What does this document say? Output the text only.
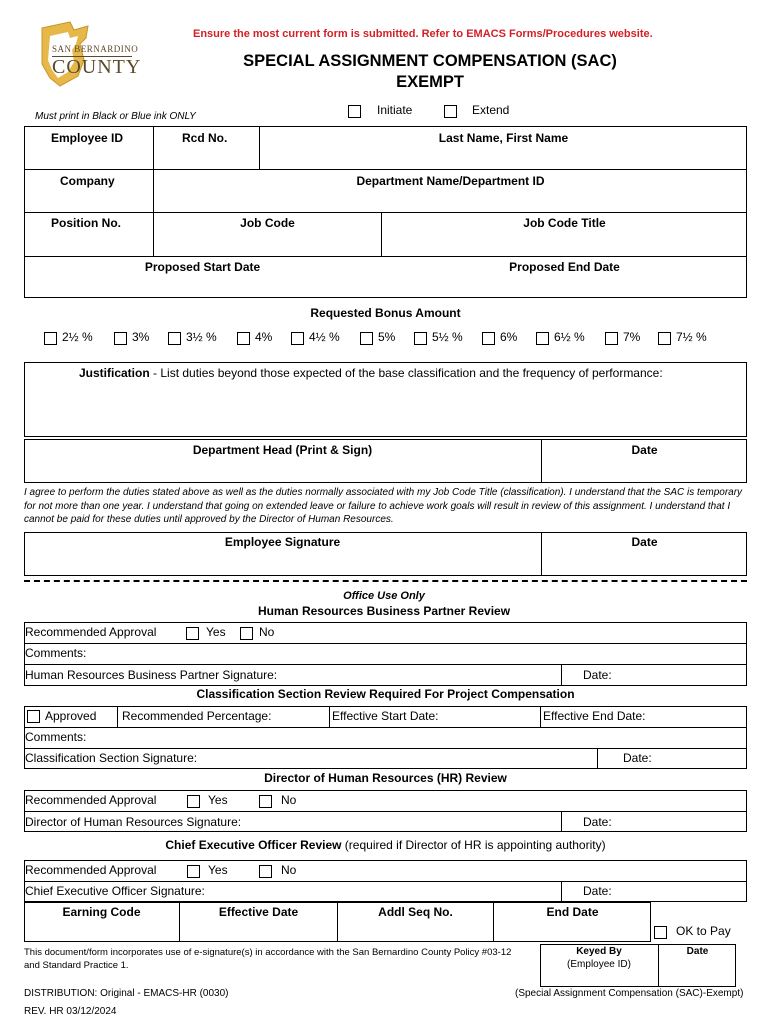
SAN BERNARDINO
COUNTY
Ensure the most current form is submitted. Refer to EMACS Forms/Procedures website.
SPECIAL ASSIGNMENT COMPENSATION (SAC)
EXEMPT
Must print in Black or Blue ink ONLY	Initiate	Extend
Employee ID	Rcd No.	Last Name, First Name
Company	Department Name/Department ID
Position No.	Job Code	Job Code Title
Proposed Start Date	Proposed End Date
Requested Bonus Amount
2½ %	3%	3½ %	4%	4½ %	5%	5½ %	6%	6½ %	7%	7½ %
Justification - List duties beyond those expected of the base classification and the frequency of performance:
Department Head (Print & Sign)	Date
I agree to perform the duties stated above as well as the duties normally associated with my Job Code Title (classification). I understand that the SAC is temporary for not more than one year. I understand that going on extended leave or failure to achieve work goals will result in review of this assignment. I understand that I cannot be paid for these duties until approved by the Director of Human Resources.
Employee Signature	Date
Office Use Only
Human Resources Business Partner Review
Recommended Approval	Yes	No
Comments:
Human Resources Business Partner Signature:	Date:
Classification Section Review Required For Project Compensation
Approved Recommended Percentage:	Effective Start Date:	Effective End Date:
Comments:
Classification Section Signature:	Date:
Director of Human Resources (HR) Review
Recommended Approval	Yes	No
Director of Human Resources Signature:	Date:
Chief Executive Officer Review (required if Director of HR is appointing authority)
Recommended Approval	Yes	No
Chief Executive Officer Signature:	Date:
Earning Code	Effective Date	Addl Seq No.	End Date
OK to Pay
This document/form incorporates use of e-signature(s) in accordance with the San Bernardino County Policy #03-12 and Standard Practice 1.
Keyed By
(Employee ID)
Date
DISTRIBUTION: Original - EMACS-HR (0030)	(Special Assignment Compensation (SAC)-Exempt)
REV. HR 03/12/2024
